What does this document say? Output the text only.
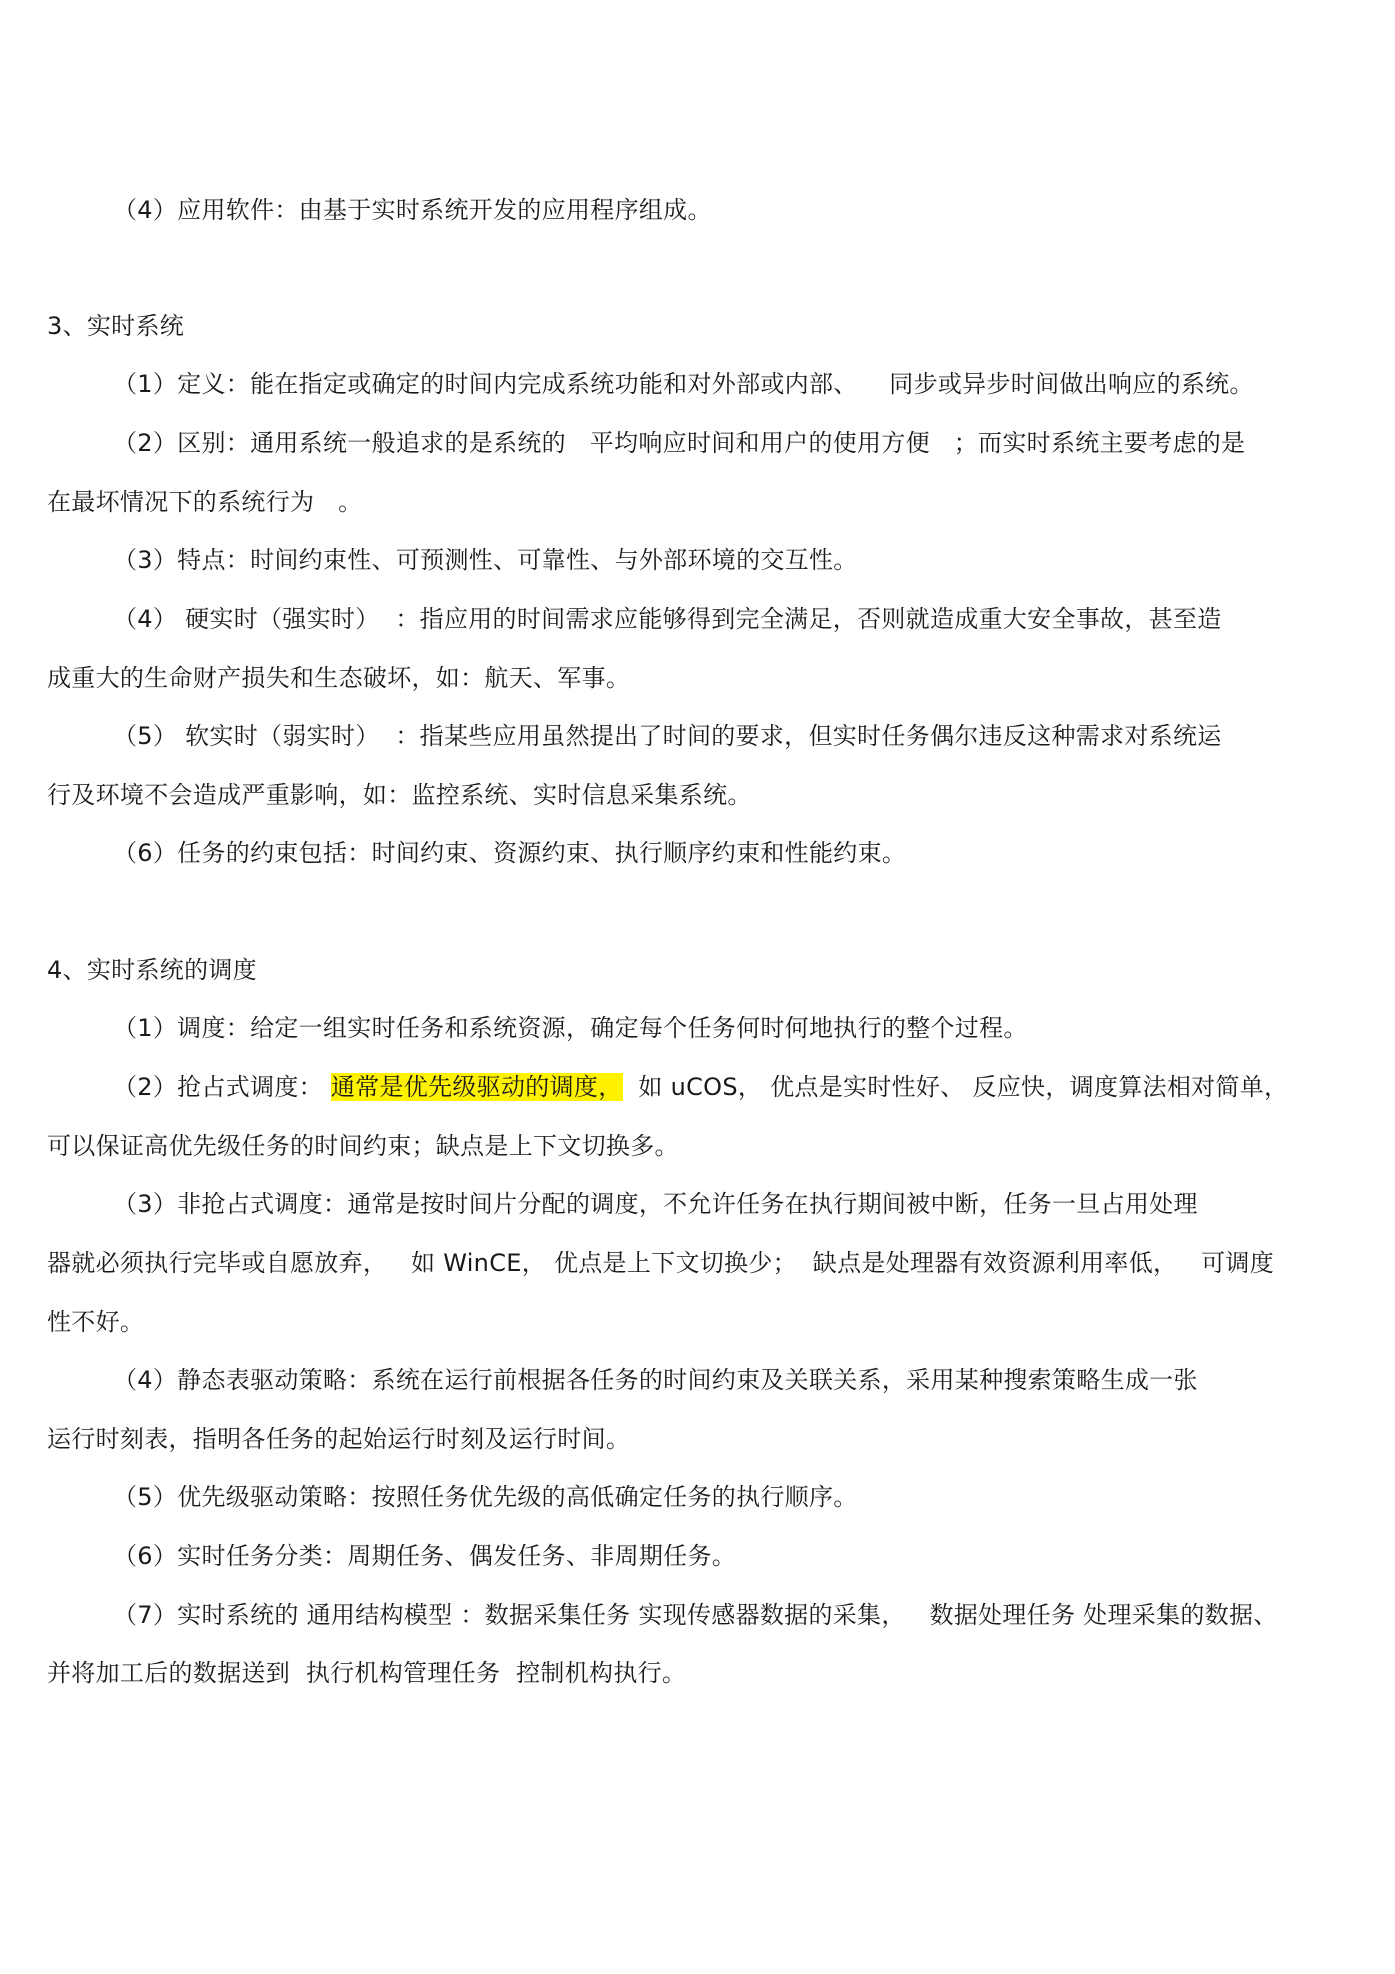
（4）应用软件：由基于实时系统开发的应用程序组成。
3、实时系统
（1）定义：能在指定或确定的时间内完成系统功能和对外部或内部、    同步或异步时间做出响应的系统。
（2）区别：通用系统一般追求的是系统的   平均响应时间和用户的使用方便   ；而实时系统主要考虑的是
在最坏情况下的系统行为   。
（3）特点：时间约束性、可预测性、可靠性、与外部环境的交互性。
（4） 硬实时（强实时）  ：指应用的时间需求应能够得到完全满足，否则就造成重大安全事故，甚至造
成重大的生命财产损失和生态破坏，如：航天、军事。
（5） 软实时（弱实时）  ：指某些应用虽然提出了时间的要求，但实时任务偶尔违反这种需求对系统运
行及环境不会造成严重影响，如：监控系统、实时信息采集系统。
（6）任务的约束包括：时间约束、资源约束、执行顺序约束和性能约束。
4、实时系统的调度
（1）调度：给定一组实时任务和系统资源，确定每个任务何时何地执行的整个过程。
（2）抢占式调度： 通常是优先级驱动的调度，  如 uCOS， 优点是实时性好、 反应快，调度算法相对简单，
可以保证高优先级任务的时间约束；缺点是上下文切换多。
（3）非抢占式调度：通常是按时间片分配的调度，不允许任务在执行期间被中断，任务一旦占用处理
器就必须执行完毕或自愿放弃，   如 WinCE， 优点是上下文切换少；  缺点是处理器有效资源利用率低，   可调度
性不好。
（4）静态表驱动策略：系统在运行前根据各任务的时间约束及关联关系，采用某种搜索策略生成一张
运行时刻表，指明各任务的起始运行时刻及运行时间。
（5）优先级驱动策略：按照任务优先级的高低确定任务的执行顺序。
（6）实时任务分类：周期任务、偶发任务、非周期任务。
（7）实时系统的 通用结构模型 ：数据采集任务 实现传感器数据的采集，   数据处理任务 处理采集的数据、
并将加工后的数据送到  执行机构管理任务  控制机构执行。
